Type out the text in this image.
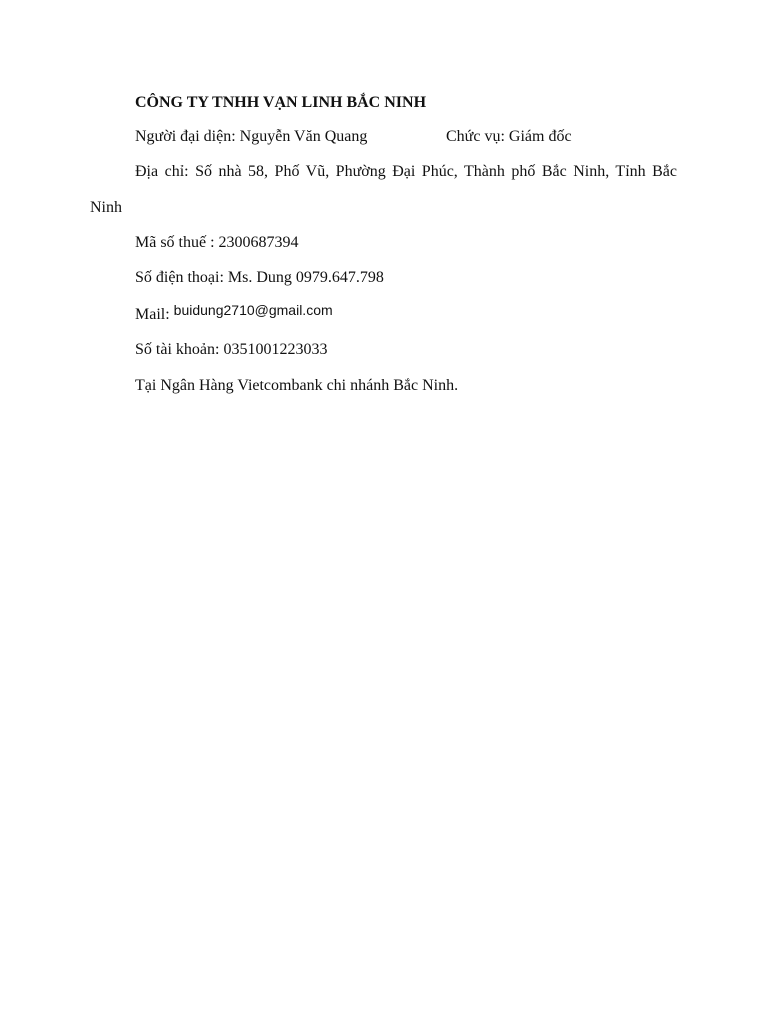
CÔNG TY TNHH VẠN LINH BẮC NINH
Người đại diện: Nguyễn Văn Quang	Chức vụ: Giám đốc
Địa chỉ: Số nhà 58, Phố Vũ, Phường Đại Phúc, Thành phố Bắc Ninh, Tỉnh Bắc
Ninh
Mã số thuế : 2300687394
Số điện thoại: Ms. Dung 0979.647.798
Mail: buidung2710@gmail.com
Số tài khoản: 0351001223033
Tại Ngân Hàng Vietcombank chi nhánh Bắc Ninh.
